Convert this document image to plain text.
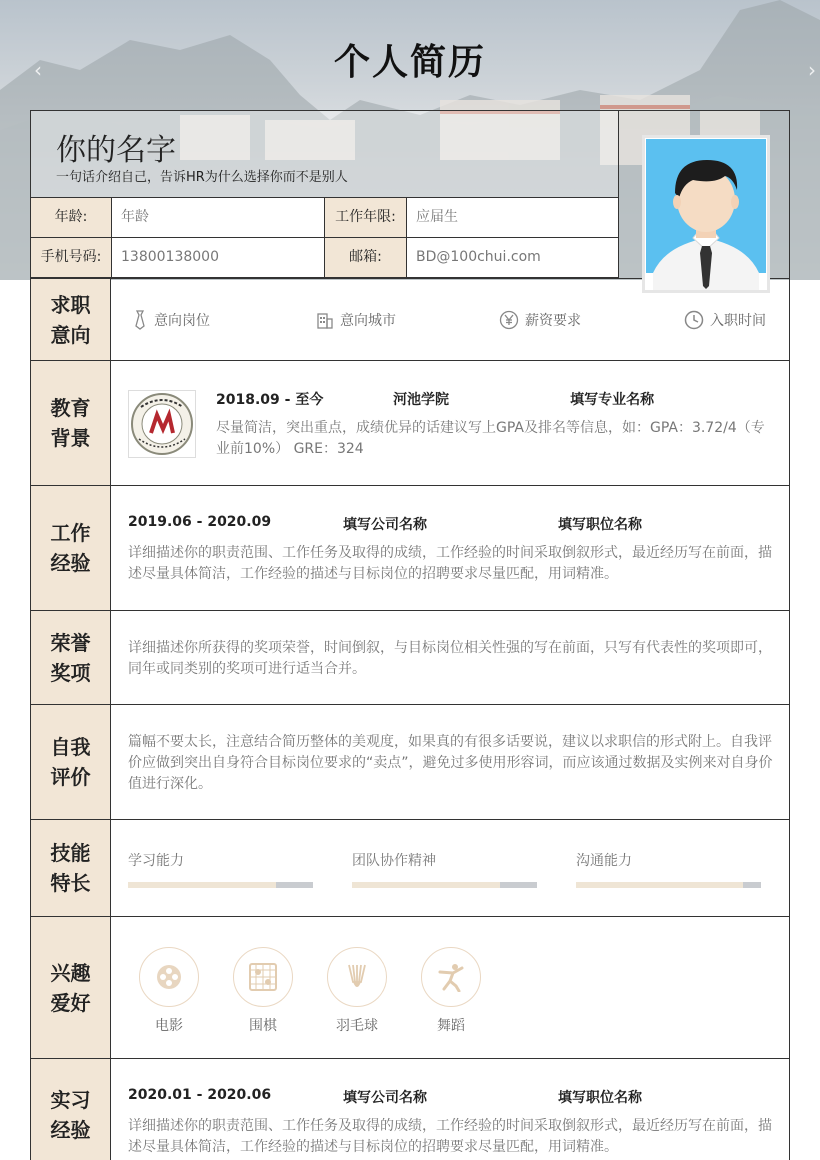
‹	›
个人简历
你的名字
一句话介绍自己，告诉HR为什么选择你而不是别人
年龄:	年龄	工作年限:	应届生
手机号码:	13800138000	邮箱:	BD@100chui.com
求职意向
意向岗位	意向城市	薪资要求	入职时间
教育背景
2018.09 - 至今	河池学院	填写专业名称
尽量简洁，突出重点，成绩优异的话建议写上GPA及排名等信息，如：GPA：3.72/4（专业前10%） GRE：324
工作经验
2019.06 - 2020.09	填写公司名称	填写职位名称
详细描述你的职责范围、工作任务及取得的成绩，工作经验的时间采取倒叙形式，最近经历写在前面，描述尽量具体简洁，工作经验的描述与目标岗位的招聘要求尽量匹配，用词精准。
荣誉奖项
详细描述你所获得的奖项荣誉，时间倒叙，与目标岗位相关性强的写在前面，只写有代表性的奖项即可，同年或同类别的奖项可进行适当合并。
自我评价
篇幅不要太长，注意结合简历整体的美观度，如果真的有很多话要说，建议以求职信的形式附上。自我评价应做到突出自身符合目标岗位要求的“卖点”，避免过多使用形容词，而应该通过数据及实例来对自身价值进行深化。
技能特长
学习能力	团队协作精神	沟通能力
兴趣爱好
电影	围棋	羽毛球	舞蹈
实习经验
2020.01 - 2020.06	填写公司名称	填写职位名称
详细描述你的职责范围、工作任务及取得的成绩，工作经验的时间采取倒叙形式，最近经历写在前面，描述尽量具体简洁，工作经验的描述与目标岗位的招聘要求尽量匹配，用词精准。
